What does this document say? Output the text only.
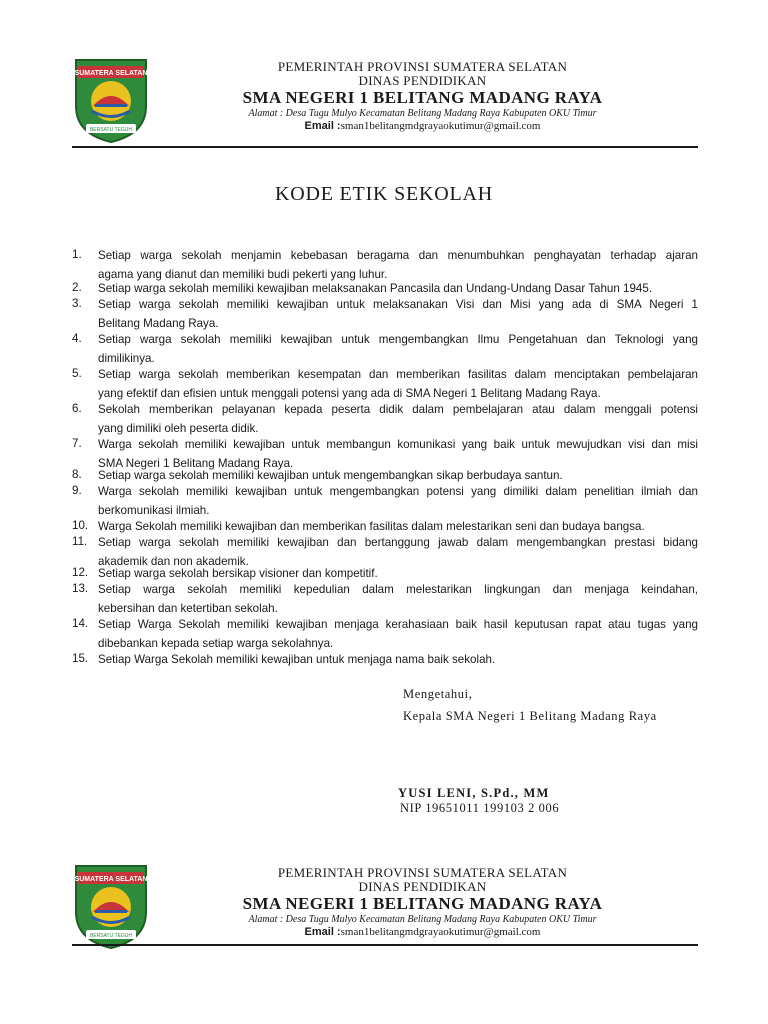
SUMATERA SELATAN
BERSATU TEGUH
PEMERINTAH PROVINSI SUMATERA SELATAN
DINAS PENDIDIKAN
SMA NEGERI 1 BELITANG MADANG RAYA
Alamat : Desa Tugu Mulyo Kecamatan Belitang Madang Raya Kabupaten OKU Timur
Email :sman1belitangmdgrayaokutimur@gmail.com
KODE ETIK SEKOLAH
1.	Setiap warga sekolah menjamin kebebasan beragama dan menumbuhkan penghayatan terhadap ajaran
agama yang dianut dan memiliki budi pekerti yang luhur.
2.	Setiap warga sekolah memiliki kewajiban melaksanakan Pancasila dan Undang-Undang Dasar Tahun 1945.
3.	Setiap warga sekolah memiliki kewajiban untuk melaksanakan Visi dan Misi yang ada di SMA Negeri 1
Belitang Madang Raya.
4.	Setiap warga sekolah memiliki kewajiban untuk mengembangkan Ilmu Pengetahuan dan Teknologi yang
dimilikinya.
5.	Setiap warga sekolah memberikan kesempatan dan memberikan fasilitas dalam menciptakan pembelajaran
yang efektif dan efisien untuk menggali potensi yang ada di SMA Negeri 1 Belitang Madang Raya.
6.	Sekolah memberikan pelayanan kepada peserta didik dalam pembelajaran atau dalam menggali potensi
yang dimiliki oleh peserta didik.
7.	Warga sekolah memiliki kewajiban untuk membangun komunikasi yang baik untuk mewujudkan visi dan misi
SMA Negeri 1 Belitang Madang Raya.
8.	Setiap warga sekolah memiliki kewajiban untuk mengembangkan sikap berbudaya santun.
9.	Warga sekolah memiliki kewajiban untuk mengembangkan potensi yang dimiliki dalam penelitian ilmiah dan
berkomunikasi ilmiah.
10. Warga Sekolah memiliki kewajiban dan memberikan fasilitas dalam melestarikan seni dan budaya bangsa.
11. Setiap warga sekolah memiliki kewajiban dan bertanggung jawab dalam mengembangkan prestasi bidang
akademik dan non akademik.
12. Setiap warga sekolah bersikap visioner dan kompetitif.
13. Setiap warga sekolah memiliki kepedulian dalam melestarikan lingkungan dan menjaga keindahan,
kebersihan dan ketertiban sekolah.
14. Setiap Warga Sekolah memiliki kewajiban menjaga kerahasiaan baik hasil keputusan rapat atau tugas yang
dibebankan kepada setiap warga sekolahnya.
15. Setiap Warga Sekolah memiliki kewajiban untuk menjaga nama baik sekolah.
Mengetahui,
Kepala SMA Negeri 1 Belitang Madang Raya
YUSI LENI, S.Pd., MM
NIP 19651011 199103 2 006
SUMATERA SELATAN
BERSATU TEGUH
PEMERINTAH PROVINSI SUMATERA SELATAN
DINAS PENDIDIKAN
SMA NEGERI 1 BELITANG MADANG RAYA
Alamat : Desa Tugu Mulyo Kecamatan Belitang Madang Raya Kabupaten OKU Timur
Email :sman1belitangmdgrayaokutimur@gmail.com
